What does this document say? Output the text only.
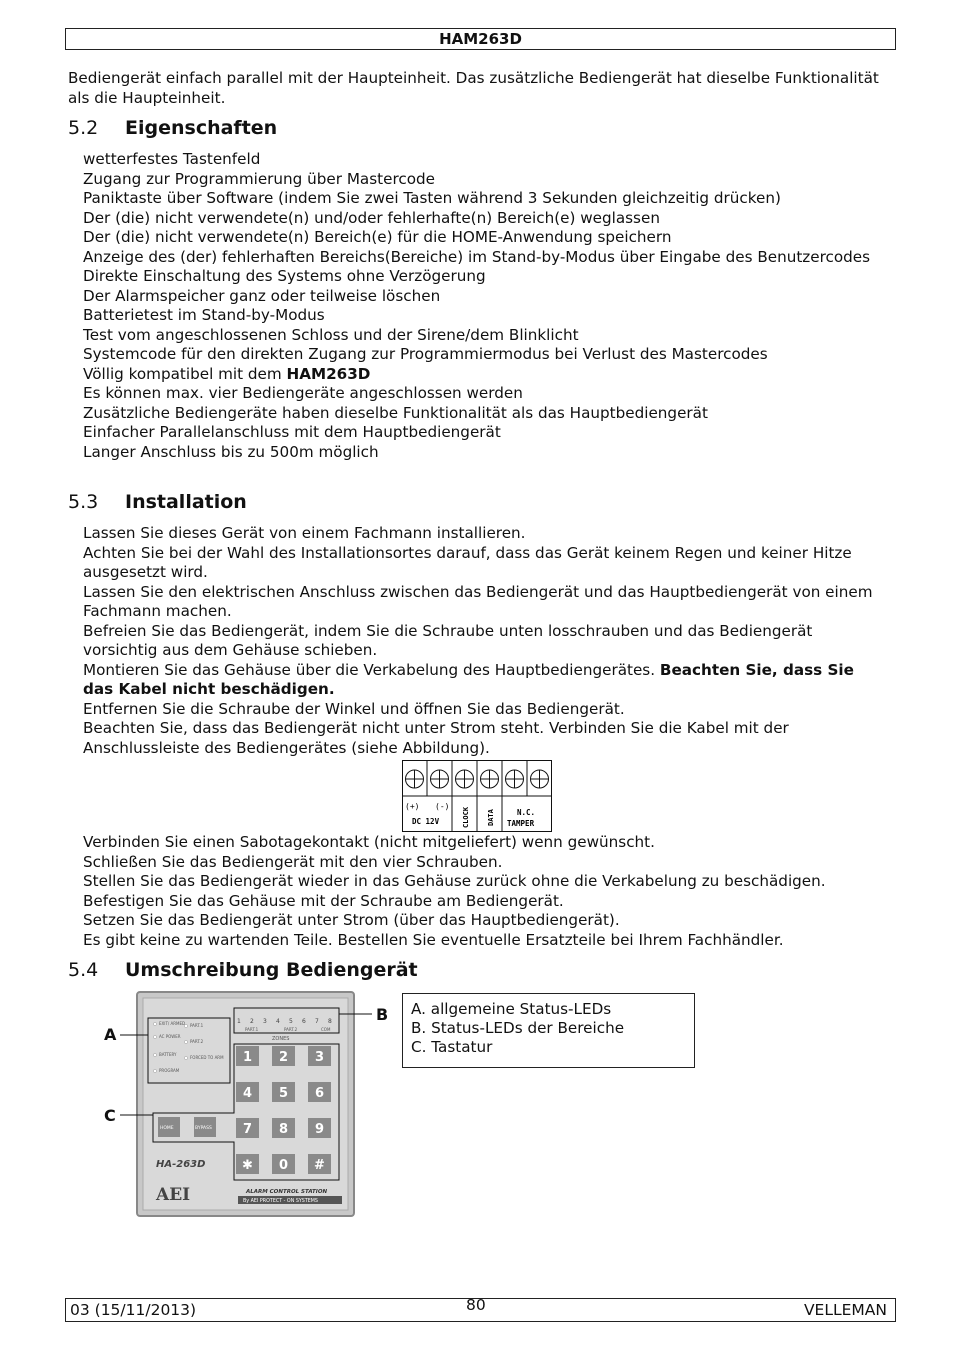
HAM263D
Bediengerät einfach parallel mit der Haupteinheit. Das zusätzliche Bediengerät hat dieselbe Funktionalität als die Haupteinheit.
5.2 Eigenschaften
wetterfestes Tastenfeld
Zugang zur Programmierung über Mastercode
Paniktaste über Software (indem Sie zwei Tasten während 3 Sekunden gleichzeitig drücken)
Der (die) nicht verwendete(n) und/oder fehlerhafte(n) Bereich(e) weglassen
Der (die) nicht verwendete(n) Bereich(e) für die HOME-Anwendung speichern
Anzeige des (der) fehlerhaften Bereichs(Bereiche) im Stand-by-Modus über Eingabe des Benutzercodes
Direkte Einschaltung des Systems ohne Verzögerung
Der Alarmspeicher ganz oder teilweise löschen
Batterietest im Stand-by-Modus
Test vom angeschlossenen Schloss und der Sirene/dem Blinklicht
Systemcode für den direkten Zugang zur Programmiermodus bei Verlust des Mastercodes
Völlig kompatibel mit dem HAM263D
Es können max. vier Bediengeräte angeschlossen werden
Zusätzliche Bediengeräte haben dieselbe Funktionalität als das Hauptbediengerät
Einfacher Parallelanschluss mit dem Hauptbediengerät
Langer Anschluss bis zu 500m möglich
5.3 Installation
Lassen Sie dieses Gerät von einem Fachmann installieren.
Achten Sie bei der Wahl des Installationsortes darauf, dass das Gerät keinem Regen und keiner Hitze ausgesetzt wird.
Lassen Sie den elektrischen Anschluss zwischen das Bediengerät und das Hauptbediengerät von einem Fachmann machen.
Befreien Sie das Bediengerät, indem Sie die Schraube unten losschrauben und das Bediengerät vorsichtig aus dem Gehäuse schieben.
Montieren Sie das Gehäuse über die Verkabelung des Hauptbediengerätes. Beachten Sie, dass Sie das Kabel nicht beschädigen.
Entfernen Sie die Schraube der Winkel und öffnen Sie das Bediengerät.
Beachten Sie, dass das Bediengerät nicht unter Strom steht. Verbinden Sie die Kabel mit der Anschlussleiste des Bediengerätes (siehe Abbildung).
(+) (-)
DC 12V	CLOCK DATA	N.C.
TAMPER
Verbinden Sie einen Sabotagekontakt (nicht mitgeliefert) wenn gewünscht.
Schließen Sie das Bediengerät mit den vier Schrauben.
Stellen Sie das Bediengerät wieder in das Gehäuse zurück ohne die Verkabelung zu beschädigen.
Befestigen Sie das Gehäuse mit der Schraube am Bediengerät.
Setzen Sie das Bediengerät unter Strom (über das Hauptbediengerät).
Es gibt keine zu wartenden Teile. Bestellen Sie eventuelle Ersatzteile bei Ihrem Fachhändler.
5.4 Umschreibung Bediengerät
EXIT/ ARMED
AC POWER
BATTERY
PROGRAM
PART.1
PART.2
FORCED TO ARM
A
1 2 3 4 5 6 7 8
PART.1	PART.2	COM
ZONES
B
1 2 3
4 5 6
7 8 9
✱ 0 #
HOME	BYPASS
C
HA-263D
AEI	ALARM CONTROL STATION
By AEI PROTECT - ON SYSTEMS
A. allgemeine Status-LEDs
B. Status-LEDs der Bereiche
C. Tastatur
03 (15/11/2013)	80	VELLEMAN
